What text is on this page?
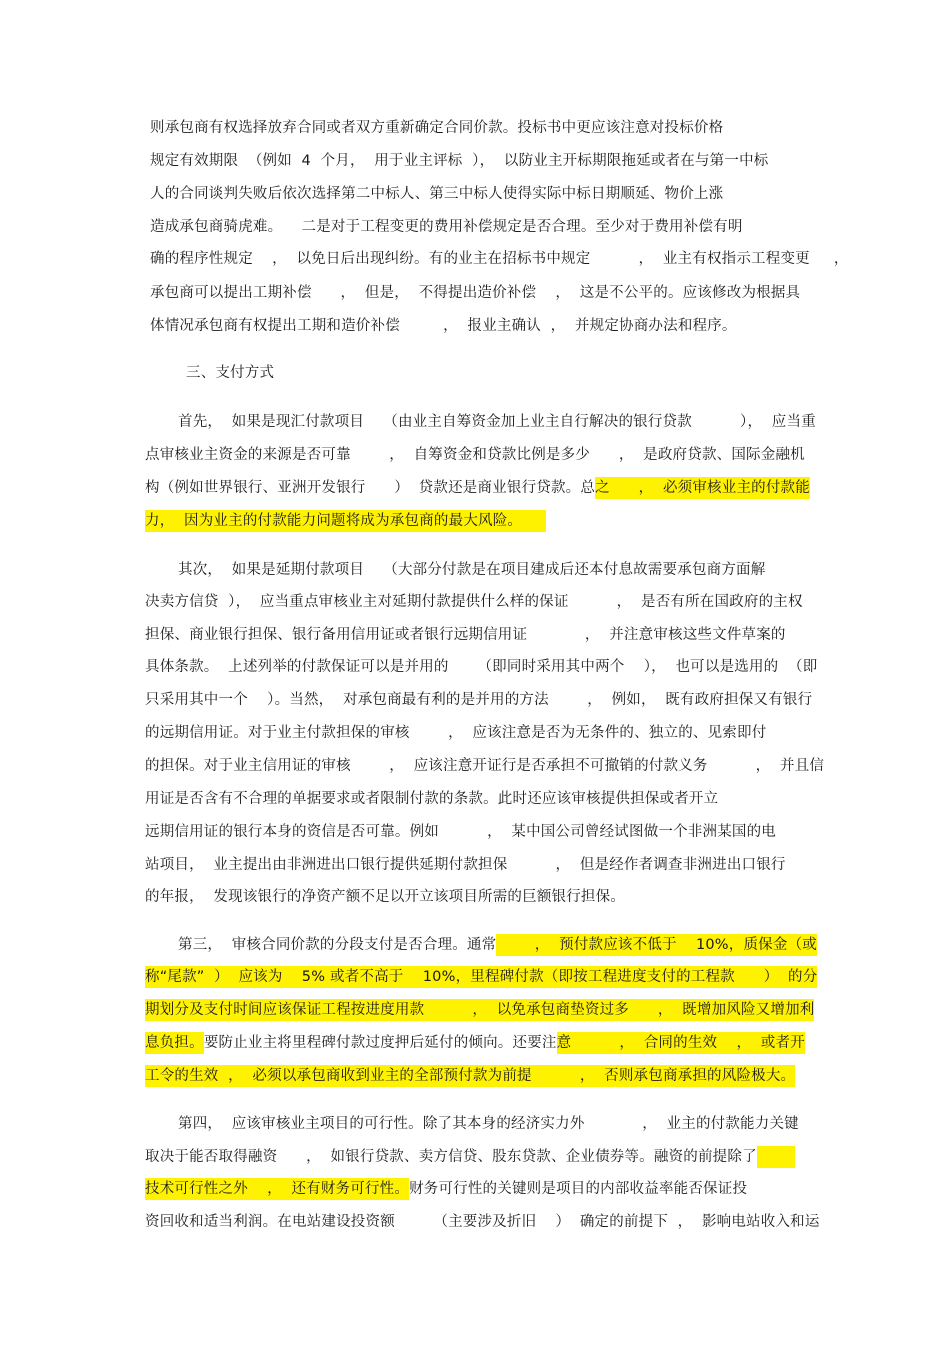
则承包商有权选择放弃合同或者双方重新确定合同价款。投标书中更应该注意对投标价格
规定有效期限  （例如  4  个月，  用于业主评标  ），  以防业主开标期限拖延或者在与第一中标
人的合同谈判失败后依次选择第二中标人、第三中标人使得实际中标日期顺延、物价上涨
造成承包商骑虎难。    二是对于工程变更的费用补偿规定是否合理。至少对于费用补偿有明
确的程序性规定    ，  以免日后出现纠纷。有的业主在招标书中规定          ，  业主有权指示工程变更     ，
承包商可以提出工期补偿      ，  但是，  不得提出造价补偿    ，  这是不公平的。应该修改为根据具
体情况承包商有权提出工期和造价补偿         ，  报业主确认  ，  并规定协商办法和程序。
三、支付方式
首先，  如果是现汇付款项目    （由业主自筹资金加上业主自行解决的银行贷款          ），  应当重
点审核业主资金的来源是否可靠        ，  自筹资金和贷款比例是多少      ，  是政府贷款、国际金融机
构（例如世界银行、亚洲开发银行      ）  贷款还是商业银行贷款。总之      ，  必须审核业主的付款能
力，  因为业主的付款能力问题将成为承包商的最大风险。
其次，  如果是延期付款项目    （大部分付款是在项目建成后还本付息故需要承包商方面解
决卖方信贷  ），  应当重点审核业主对延期付款提供什么样的保证          ，  是否有所在国政府的主权
担保、商业银行担保、银行备用信用证或者银行远期信用证            ，  并注意审核这些文件草案的
具体条款。  上述列举的付款保证可以是并用的      （即同时采用其中两个    ），  也可以是选用的  （即
只采用其中一个    ）。当然，  对承包商最有利的是并用的方法        ，  例如，  既有政府担保又有银行
的远期信用证。对于业主付款担保的审核        ，  应该注意是否为无条件的、独立的、见索即付
的担保。对于业主信用证的审核        ，  应该注意开证行是否承担不可撤销的付款义务          ，  并且信
用证是否含有不合理的单据要求或者限制付款的条款。此时还应该审核提供担保或者开立
远期信用证的银行本身的资信是否可靠。例如          ，  某中国公司曾经试图做一个非洲某国的电
站项目，  业主提出由非洲进出口银行提供延期付款担保          ，  但是经作者调查非洲进出口银行
的年报，  发现该银行的净资产额不足以开立该项目所需的巨额银行担保。
第三，  审核合同价款的分段支付是否合理。通常        ，  预付款应该不低于    10%，质保金（或
称“尾款”  ）  应该为    5% 或者不高于    10%，里程碑付款（即按工程进度支付的工程款      ）  的分
期划分及支付时间应该保证工程按进度用款          ，  以免承包商垫资过多      ，  既增加风险又增加利
息负担。要防止业主将里程碑付款过度押后延付的倾向。还要注意          ，  合同的生效    ，  或者开
工令的生效  ，  必须以承包商收到业主的全部预付款为前提          ，  否则承包商承担的风险极大。
第四，  应该审核业主项目的可行性。除了其本身的经济实力外            ，  业主的付款能力关键
取决于能否取得融资      ，  如银行贷款、卖方信贷、股东贷款、企业债券等。融资的前提除了
技术可行性之外    ，  还有财务可行性。财务可行性的关键则是项目的内部收益率能否保证投
资回收和适当利润。在电站建设投资额        （主要涉及折旧    ）  确定的前提下  ，  影响电站收入和运
